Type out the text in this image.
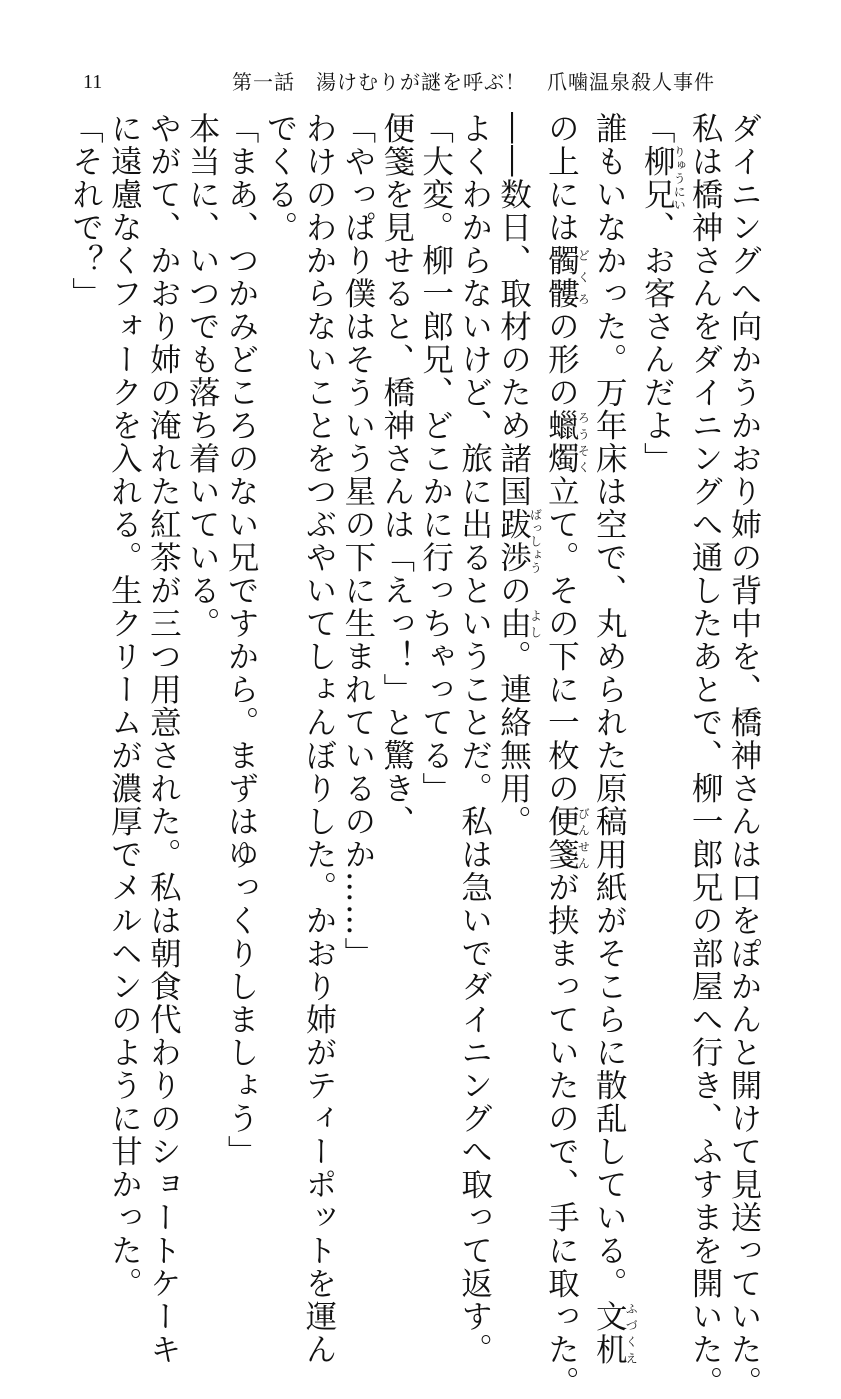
11	第一話　湯けむりが謎を呼ぶ！　爪噛温泉殺人事件
ダイニングへ向かうかおり姉の背中を、橋神さんは口をぽかんと開けて見送っていた。
私は橋神さんをダイニングへ通したあとで、柳一郎兄の部屋へ行き、ふすまを開いた。
「柳兄りゅうにい、お客さんだよ」
誰もいなかった。万年床は空で、丸められた原稿用紙がそこらに散乱している。文机ふづくえ
の上には髑髏どくろの形の蠟燭ろうそく立て。その下に一枚の便箋びんせんが挟まっていたので、手に取った。
――数日、取材のため諸国跋渉ばっしょうの由よし。連絡無用。
よくわからないけど、旅に出るということだ。私は急いでダイニングへ取って返す。
「大変。柳一郎兄、どこかに行っちゃってる」
便箋を見せると、橋神さんは「えっ！」と驚き、
「やっぱり僕はそういう星の下に生まれているのか……」
わけのわからないことをつぶやいてしょんぼりした。かおり姉がティーポットを運ん
でくる。
「まあ、つかみどころのない兄ですから。まずはゆっくりしましょう」
本当に、いつでも落ち着いている。
やがて、かおり姉の淹れた紅茶が三つ用意された。私は朝食代わりのショートケーキ
に遠慮なくフォークを入れる。生クリームが濃厚でメルヘンのように甘かった。
「それで？」
